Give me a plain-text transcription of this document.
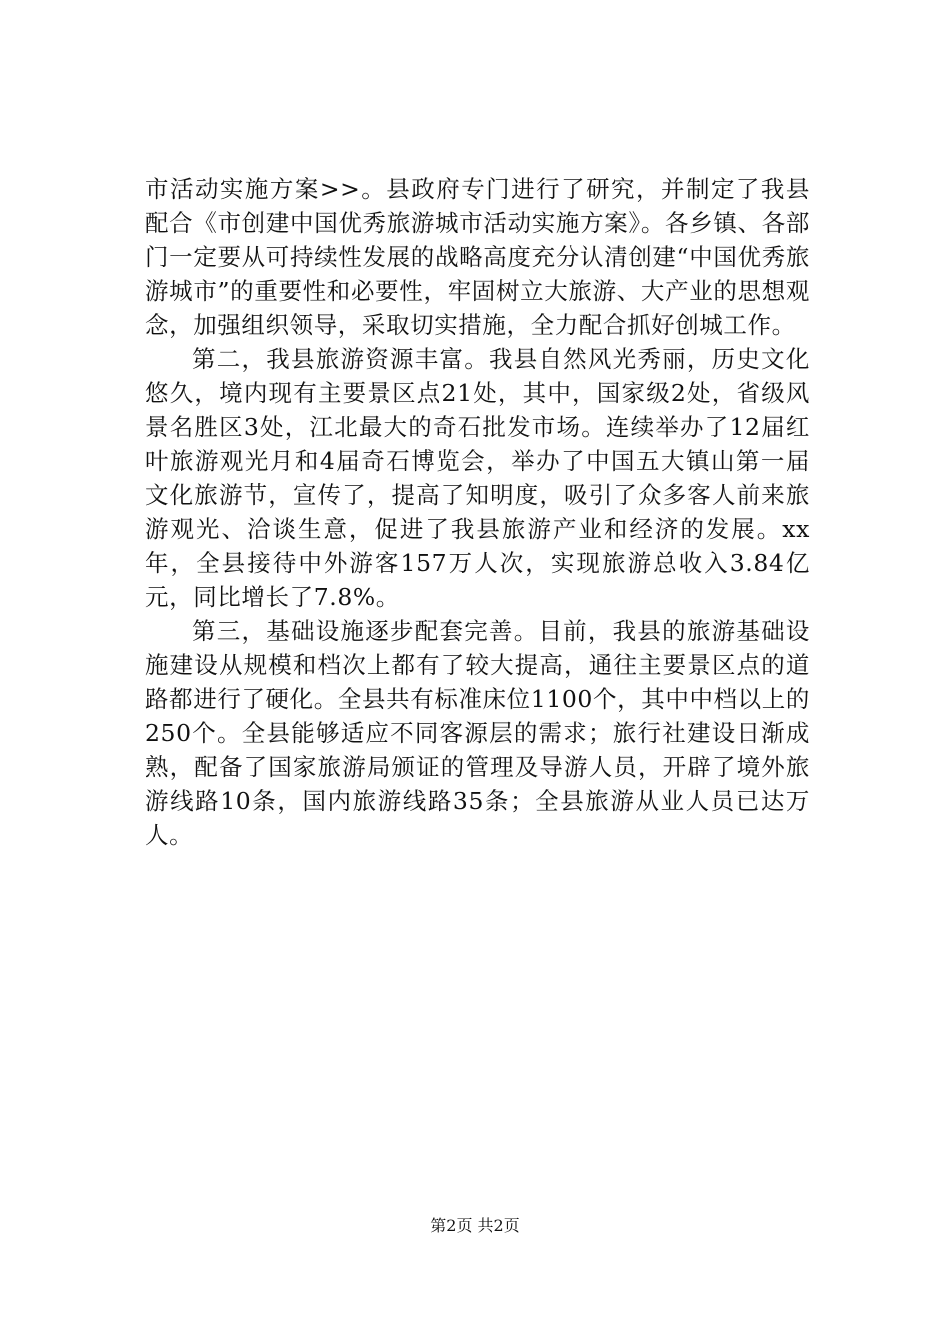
市活动实施方案>>。县政府专门进行了研究，并制定了我县配合《市创建中国优秀旅游城市活动实施方案》。各乡镇、各部门一定要从可持续性发展的战略高度充分认清创建“中国优秀旅游城市”的重要性和必要性，牢固树立大旅游、大产业的思想观念，加强组织领导，采取切实措施，全力配合抓好创城工作。

第二，我县旅游资源丰富。我县自然风光秀丽，历史文化悠久，境内现有主要景区点21处，其中，国家级2处，省级风景名胜区3处，江北最大的奇石批发市场。连续举办了12届红叶旅游观光月和4届奇石博览会，举办了中国五大镇山第一届文化旅游节，宣传了，提高了知明度，吸引了众多客人前来旅游观光、洽谈生意，促进了我县旅游产业和经济的发展。xx年，全县接待中外游客157万人次，实现旅游总收入3.84亿元，同比增长了7.8%。

第三，基础设施逐步配套完善。目前，我县的旅游基础设施建设从规模和档次上都有了较大提高，通往主要景区点的道路都进行了硬化。全县共有标准床位1100个，其中中档以上的250个。全县能够适应不同客源层的需求；旅行社建设日渐成熟，配备了国家旅游局颁证的管理及导游人员，开辟了境外旅游线路10条，国内旅游线路35条；全县旅游从业人员已达万人。

第2页 共2页
